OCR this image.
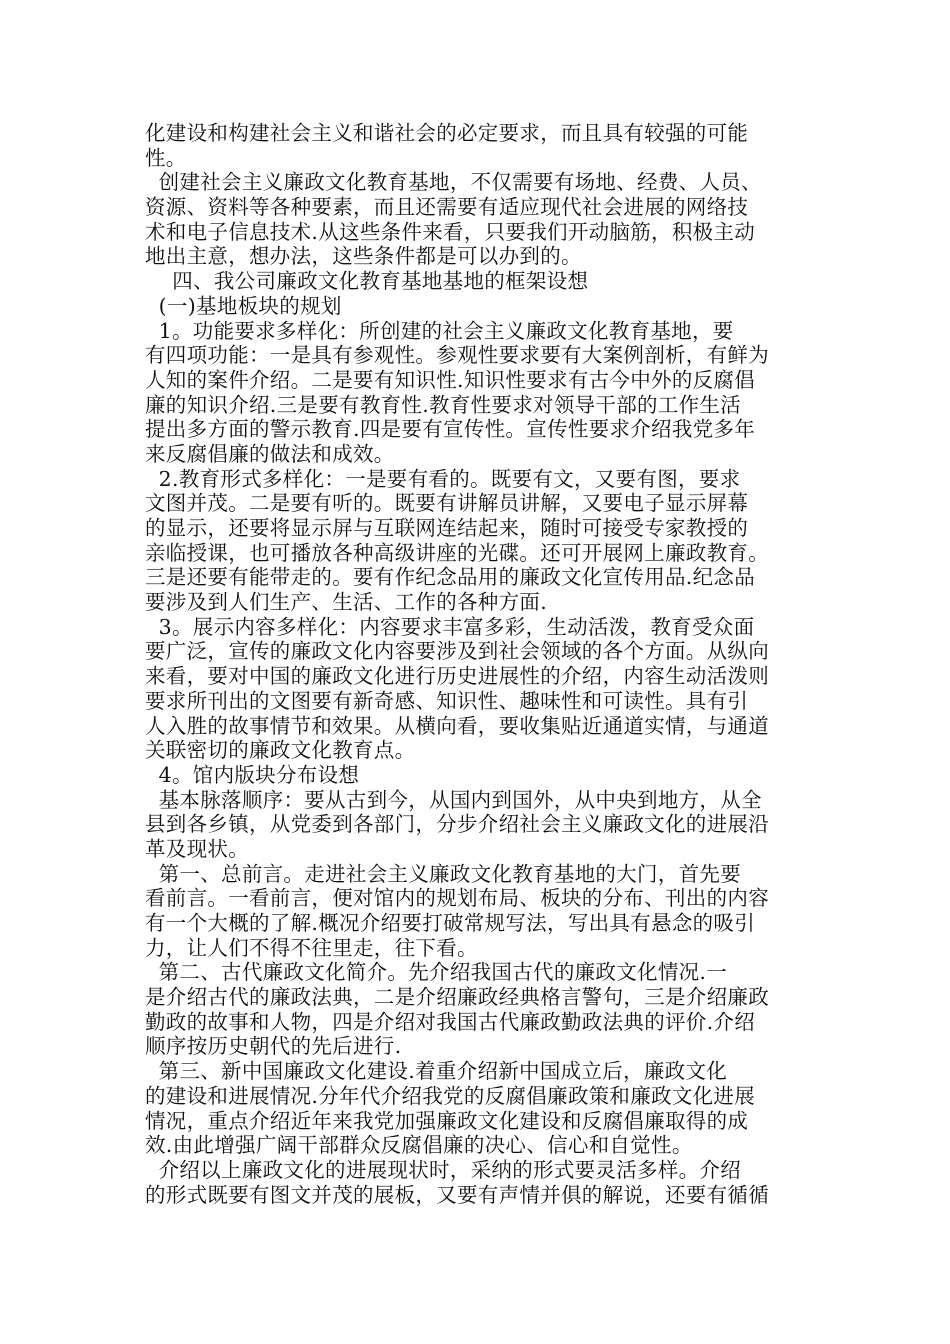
化建设和构建社会主义和谐社会的必定要求，而且具有较强的可能
性。
创建社会主义廉政文化教育基地，不仅需要有场地、经费、人员、
资源、资料等各种要素，而且还需要有适应现代社会进展的网络技
术和电子信息技术.从这些条件来看，只要我们开动脑筋，积极主动
地出主意，想办法，这些条件都是可以办到的。
四、我公司廉政文化教育基地基地的框架设想
(一)基地板块的规划
1。功能要求多样化：所创建的社会主义廉政文化教育基地，要
有四项功能：一是具有参观性。参观性要求要有大案例剖析，有鲜为
人知的案件介绍。二是要有知识性.知识性要求有古今中外的反腐倡
廉的知识介绍.三是要有教育性.教育性要求对领导干部的工作生活
提出多方面的警示教育.四是要有宣传性。宣传性要求介绍我党多年
来反腐倡廉的做法和成效。
2.教育形式多样化：一是要有看的。既要有文，又要有图，要求
文图并茂。二是要有听的。既要有讲解员讲解，又要电子显示屏幕
的显示，还要将显示屏与互联网连结起来，随时可接受专家教授的
亲临授课，也可播放各种高级讲座的光碟。还可开展网上廉政教育。
三是还要有能带走的。要有作纪念品用的廉政文化宣传用品.纪念品
要涉及到人们生产、生活、工作的各种方面.
3。展示内容多样化：内容要求丰富多彩，生动活泼，教育受众面
要广泛，宣传的廉政文化内容要涉及到社会领域的各个方面。从纵向
来看，要对中国的廉政文化进行历史进展性的介绍，内容生动活泼则
要求所刊出的文图要有新奇感、知识性、趣味性和可读性。具有引
人入胜的故事情节和效果。从横向看，要收集贴近通道实情，与通道
关联密切的廉政文化教育点。
4。馆内版块分布设想
基本脉落顺序：要从古到今，从国内到国外，从中央到地方，从全
县到各乡镇，从党委到各部门，分步介绍社会主义廉政文化的进展沿
革及现状。
第一、总前言。走进社会主义廉政文化教育基地的大门，首先要
看前言。一看前言，便对馆内的规划布局、板块的分布、刊出的内容
有一个大概的了解.概况介绍要打破常规写法，写出具有悬念的吸引
力，让人们不得不往里走，往下看。
第二、古代廉政文化简介。先介绍我国古代的廉政文化情况.一
是介绍古代的廉政法典，二是介绍廉政经典格言警句，三是介绍廉政
勤政的故事和人物，四是介绍对我国古代廉政勤政法典的评价.介绍
顺序按历史朝代的先后进行.
第三、新中国廉政文化建设.着重介绍新中国成立后，廉政文化
的建设和进展情况.分年代介绍我党的反腐倡廉政策和廉政文化进展
情况，重点介绍近年来我党加强廉政文化建设和反腐倡廉取得的成
效.由此增强广阔干部群众反腐倡廉的决心、信心和自觉性。
介绍以上廉政文化的进展现状时，采纳的形式要灵活多样。介绍
的形式既要有图文并茂的展板，又要有声情并俱的解说，还要有循循
